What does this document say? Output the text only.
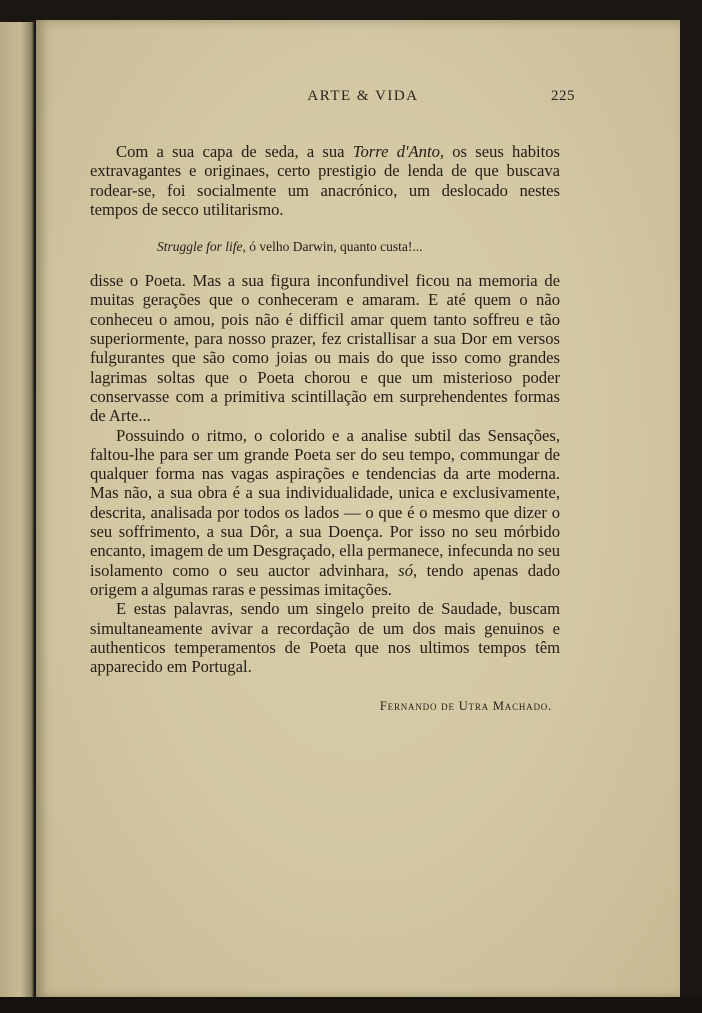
ARTE & VIDA	225

Com a sua capa de seda, a sua Torre d'Anto, os seus habitos extravagantes e originaes, certo prestigio de lenda de que buscava rodear-se, foi socialmente um anacrónico, um deslocado nestes tempos de secco utilitarismo.

Struggle for life, ó velho Darwin, quanto custa!...

disse o Poeta. Mas a sua figura inconfundivel ficou na memoria de muitas gerações que o conheceram e amaram. E até quem o não conheceu o amou, pois não é difficil amar quem tanto soffreu e tão superiormente, para nosso prazer, fez cristallisar a sua Dor em versos fulgurantes que são como joias ou mais do que isso como grandes lagrimas soltas que o Poeta chorou e que um misterioso poder conservasse com a primitiva scintillação em surprehendentes formas de Arte...

Possuindo o ritmo, o colorido e a analise subtil das Sensações, faltou-lhe para ser um grande Poeta ser do seu tempo, commungar de qualquer forma nas vagas aspirações e tendencias da arte moderna. Mas não, a sua obra é a sua individualidade, unica e exclusivamente, descrita, analisada por todos os lados — o que é o mesmo que dizer o seu soffrimento, a sua Dôr, a sua Doença. Por isso no seu mórbido encanto, imagem de um Desgraçado, ella permanece, infecunda no seu isolamento como o seu auctor advinhara, só, tendo apenas dado origem a algumas raras e pessimas imitações.

E estas palavras, sendo um singelo preito de Saudade, buscam simultaneamente avivar a recordação de um dos mais genuinos e authenticos temperamentos de Poeta que nos ultimos tempos têm apparecido em Portugal.

Fernando de Utra Machado.
